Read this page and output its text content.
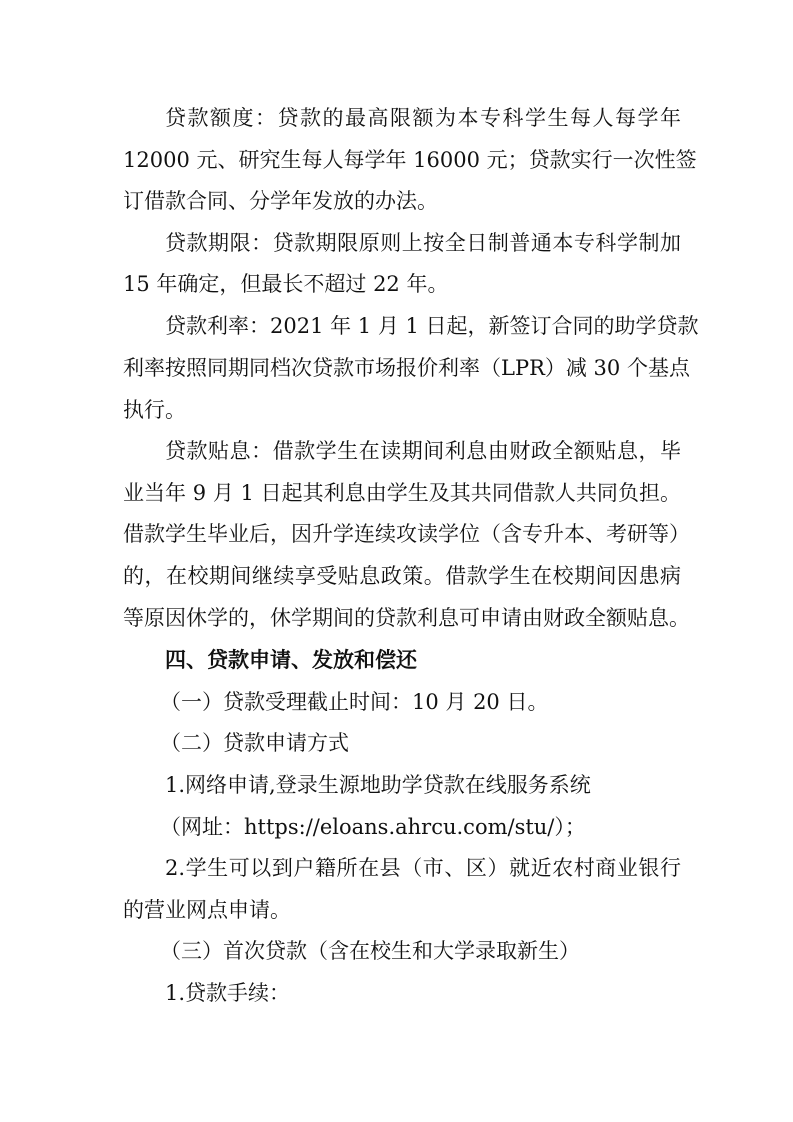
贷款额度：贷款的最高限额为本专科学生每人每学年
12000 元、研究生每人每学年 16000 元；贷款实行一次性签
订借款合同、分学年发放的办法。
贷款期限：贷款期限原则上按全日制普通本专科学制加
15 年确定，但最长不超过 22 年。
贷款利率：2021 年 1 月 1 日起，新签订合同的助学贷款
利率按照同期同档次贷款市场报价利率（LPR）减 30 个基点
执行。
贷款贴息：借款学生在读期间利息由财政全额贴息，毕
业当年 9 月 1 日起其利息由学生及其共同借款人共同负担。
借款学生毕业后，因升学连续攻读学位（含专升本、考研等）
的，在校期间继续享受贴息政策。借款学生在校期间因患病
等原因休学的，休学期间的贷款利息可申请由财政全额贴息。
四、贷款申请、发放和偿还
（一）贷款受理截止时间：10 月 20 日。
（二）贷款申请方式
1.网络申请,登录生源地助学贷款在线服务系统
（网址：https://eloans.ahrcu.com/stu/）；
2.学生可以到户籍所在县（市、区）就近农村商业银行
的营业网点申请。
（三）首次贷款（含在校生和大学录取新生）
1.贷款手续：
